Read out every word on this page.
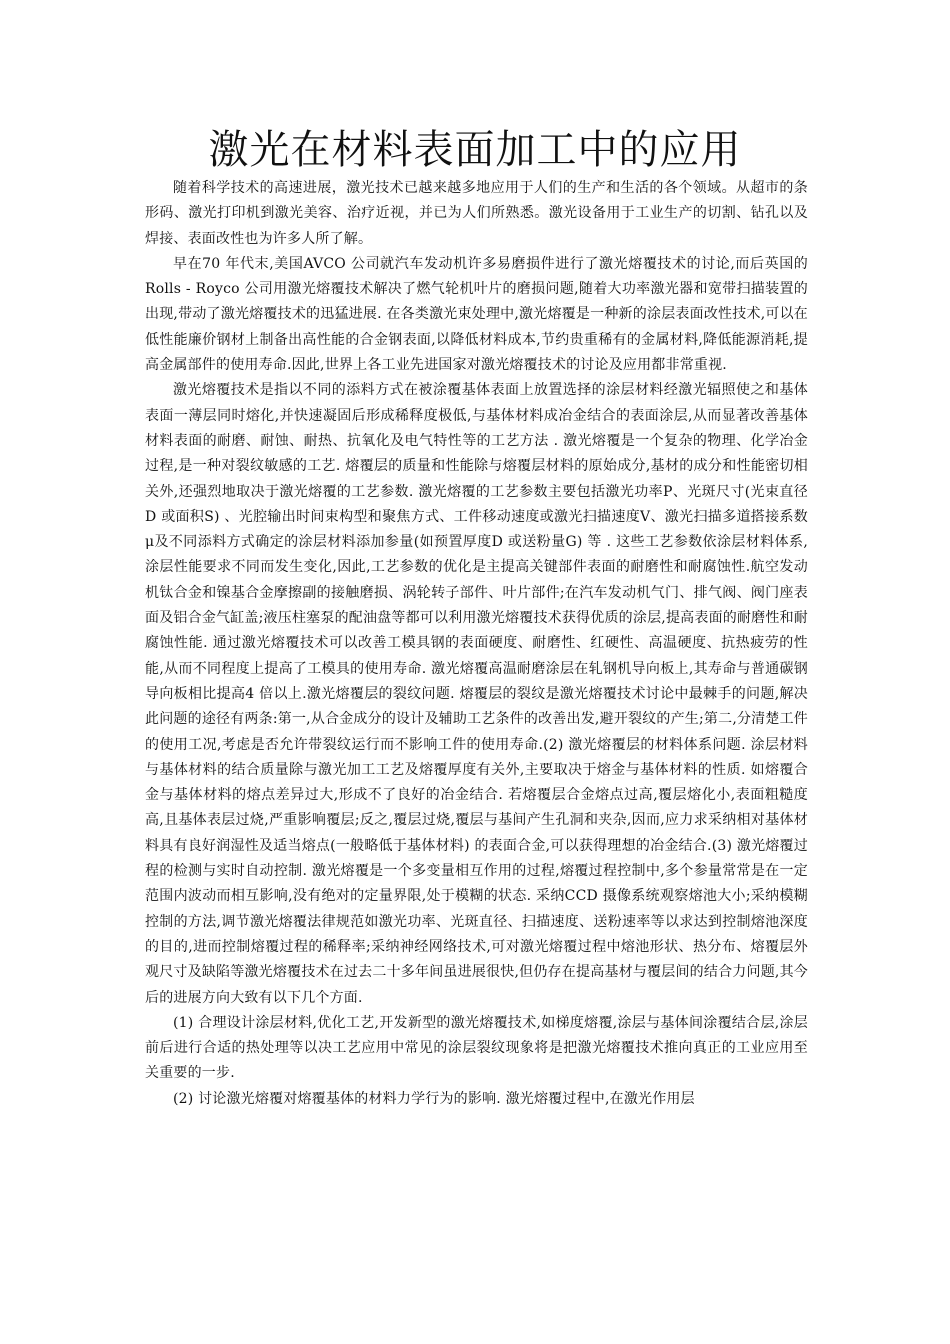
激光在材料表面加工中的应用

随着科学技术的高速进展，激光技术已越来越多地应用于人们的生产和生活的各个领域。从超市的条形码、激光打印机到激光美容、治疗近视，并已为人们所熟悉。激光设备用于工业生产的切割、钻孔以及焊接、表面改性也为许多人所了解。

早在70 年代末,美国AVCO 公司就汽车发动机许多易磨损件进行了激光熔覆技术的讨论,而后英国的Rolls - Royco 公司用激光熔覆技术解决了燃气轮机叶片的磨损问题,随着大功率激光器和宽带扫描装置的出现,带动了激光熔覆技术的迅猛进展. 在各类激光束处理中,激光熔覆是一种新的涂层表面改性技术,可以在低性能廉价钢材上制备出高性能的合金钢表面,以降低材料成本,节约贵重稀有的金属材料,降低能源消耗,提高金属部件的使用寿命.因此,世界上各工业先进国家对激光熔覆技术的讨论及应用都非常重视.

激光熔覆技术是指以不同的添料方式在被涂覆基体表面上放置选择的涂层材料经激光辐照使之和基体表面一薄层同时熔化,并快速凝固后形成稀释度极低,与基体材料成冶金结合的表面涂层,从而显著改善基体材料表面的耐磨、耐蚀、耐热、抗氧化及电气特性等的工艺方法 . 激光熔覆是一个复杂的物理、化学冶金过程,是一种对裂纹敏感的工艺. 熔覆层的质量和性能除与熔覆层材料的原始成分,基材的成分和性能密切相关外,还强烈地取决于激光熔覆的工艺参数. 激光熔覆的工艺参数主要包括激光功率P、光斑尺寸(光束直径D 或面积S) 、光腔输出时间束构型和聚焦方式、工件移动速度或激光扫描速度V、激光扫描多道搭接系数μ及不同添料方式确定的涂层材料添加参量(如预置厚度D 或送粉量G) 等 . 这些工艺参数依涂层材料体系,涂层性能要求不同而发生变化,因此,工艺参数的优化是主提高关键部件表面的耐磨性和耐腐蚀性.航空发动机钛合金和镍基合金摩擦副的接触磨损、涡轮转子部件、叶片部件;在汽车发动机气门、排气阀、阀门座表面及铝合金气缸盖;液压柱塞泵的配油盘等都可以利用激光熔覆技术获得优质的涂层,提高表面的耐磨性和耐腐蚀性能. 通过激光熔覆技术可以改善工模具钢的表面硬度、耐磨性、红硬性、高温硬度、抗热疲劳的性能,从而不同程度上提高了工模具的使用寿命. 激光熔覆高温耐磨涂层在轧钢机导向板上,其寿命与普通碳钢导向板相比提高4 倍以上.激光熔覆层的裂纹问题. 熔覆层的裂纹是激光熔覆技术讨论中最棘手的问题,解决此问题的途径有两条:第一,从合金成分的设计及辅助工艺条件的改善出发,避开裂纹的产生;第二,分清楚工件的使用工况,考虑是否允许带裂纹运行而不影响工件的使用寿命.(2) 激光熔覆层的材料体系问题. 涂层材料与基体材料的结合质量除与激光加工工艺及熔覆厚度有关外,主要取决于熔金与基体材料的性质. 如熔覆合金与基体材料的熔点差异过大,形成不了良好的冶金结合. 若熔覆层合金熔点过高,覆层熔化小,表面粗糙度高,且基体表层过烧,严重影响覆层;反之,覆层过烧,覆层与基间产生孔洞和夹杂,因而,应力求采纳相对基体材料具有良好润湿性及适当熔点(一般略低于基体材料) 的表面合金,可以获得理想的冶金结合.(3) 激光熔覆过程的检测与实时自动控制. 激光熔覆是一个多变量相互作用的过程,熔覆过程控制中,多个参量常常是在一定范围内波动而相互影响,没有绝对的定量界限,处于模糊的状态. 采纳CCD 摄像系统观察熔池大小;采纳模糊控制的方法,调节激光熔覆法律规范如激光功率、光斑直径、扫描速度、送粉速率等以求达到控制熔池深度的目的,进而控制熔覆过程的稀释率;采纳神经网络技术,可对激光熔覆过程中熔池形状、热分布、熔覆层外观尺寸及缺陷等激光熔覆技术在过去二十多年间虽进展很快,但仍存在提高基材与覆层间的结合力问题,其今后的进展方向大致有以下几个方面.

(1) 合理设计涂层材料,优化工艺,开发新型的激光熔覆技术,如梯度熔覆,涂层与基体间涂覆结合层,涂层前后进行合适的热处理等以决工艺应用中常见的涂层裂纹现象将是把激光熔覆技术推向真正的工业应用至关重要的一步.

(2) 讨论激光熔覆对熔覆基体的材料力学行为的影响. 激光熔覆过程中,在激光作用层
